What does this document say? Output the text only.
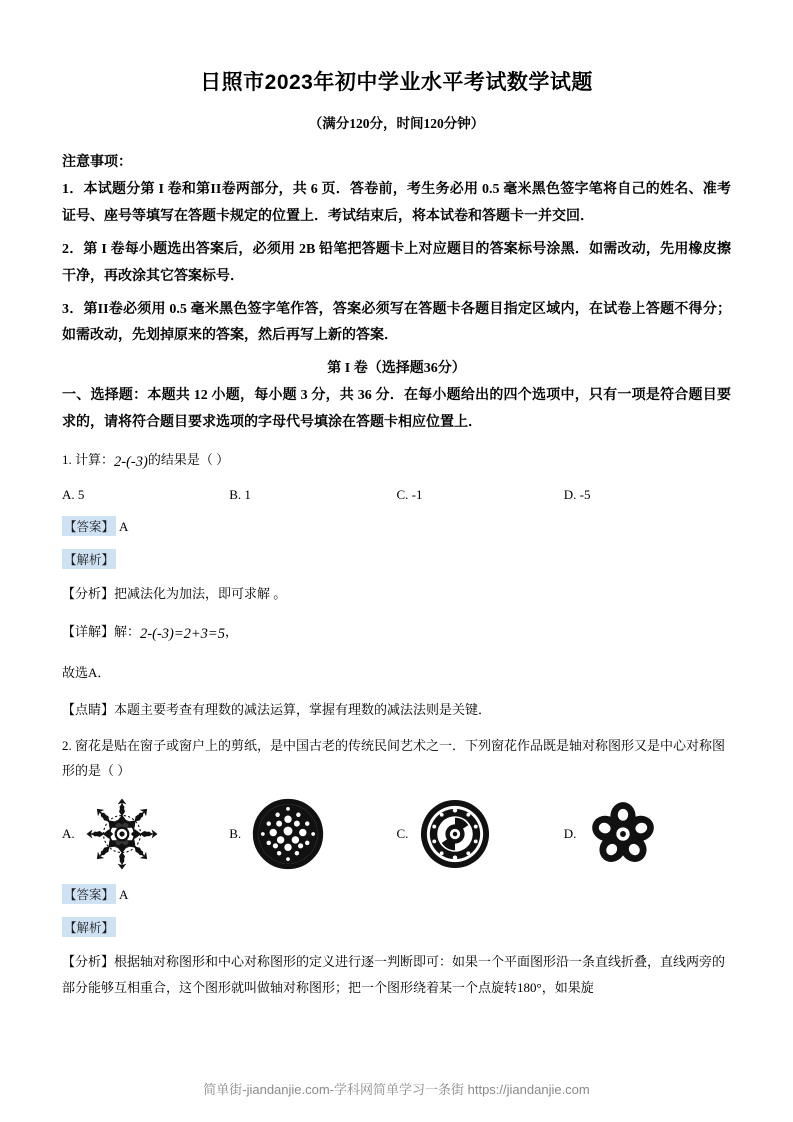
日照市2023年初中学业水平考试数学试题
（满分120分，时间120分钟）
注意事项：
1．本试题分第 I 卷和第II卷两部分，共 6 页．答卷前，考生务必用 0.5 毫米黑色签字笔将自己的姓名、准考证号、座号等填写在答题卡规定的位置上．考试结束后，将本试卷和答题卡一并交回．
2．第 I 卷每小题选出答案后，必须用 2B 铅笔把答题卡上对应题目的答案标号涂黑．如需改动，先用橡皮擦干净，再改涂其它答案标号．
3．第II卷必须用 0.5 毫米黑色签字笔作答，答案必须写在答题卡各题目指定区域内，在试卷上答题不得分；如需改动，先划掉原来的答案，然后再写上新的答案．
第 I 卷（选择题36分）
一、选择题：本题共 12 小题，每小题 3 分，共 36 分．在每小题给出的四个选项中，只有一项是符合题目要求的，请将符合题目要求选项的字母代号填涂在答题卡相应位置上．
1. 计算：2-(-3)的结果是（ ）
A. 5	B. 1	C. -1	D. -5
【答案】 A
【解析】
【分析】把减法化为加法，即可求解 。
【详解】解：2-(-3)=2+3=5，
故选A．
【点睛】本题主要考查有理数的减法运算，掌握有理数的减法法则是关键．
2. 窗花是贴在窗子或窗户上的剪纸，是中国古老的传统民间艺术之一．下列窗花作品既是轴对称图形又是中心对称图形的是（ ）
A.	B.	C.	D.
【答案】 A
【解析】
【分析】根据轴对称图形和中心对称图形的定义进行逐一判断即可：如果一个平面图形沿一条直线折叠，直线两旁的部分能够互相重合，这个图形就叫做轴对称图形；把一个图形绕着某一个点旋转180°，如果旋
简单街-jiandanjie.com-学科网简单学习一条街 https://jiandanjie.com
